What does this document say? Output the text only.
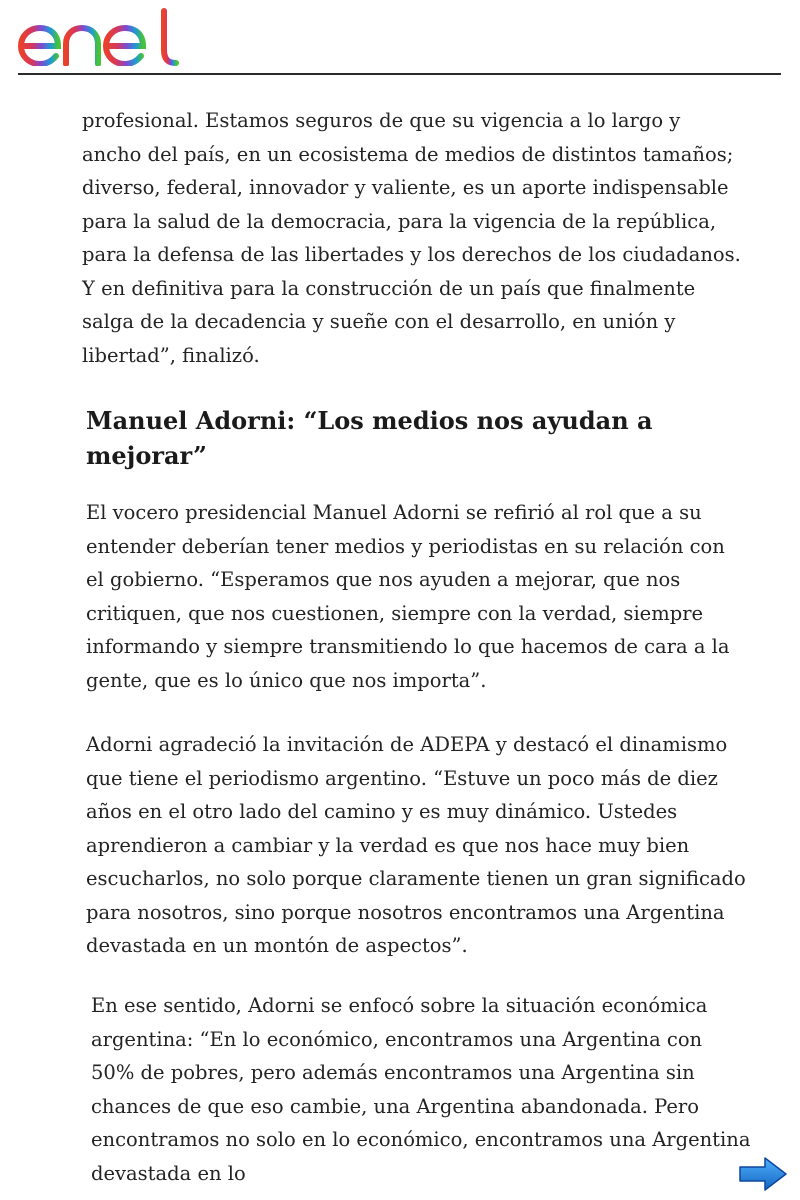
profesional. Estamos seguros de que su vigencia a lo largo y ancho del país, en un ecosistema de medios de distintos tamaños; diverso, federal, innovador y valiente, es un aporte indispensable para la salud de la democracia, para la vigencia de la república, para la defensa de las libertades y los derechos de los ciudadanos. Y en definitiva para la construcción de un país que finalmente salga de la decadencia y sueñe con el desarrollo, en unión y libertad”, finalizó.

Manuel Adorni: “Los medios nos ayudan a mejorar”

El vocero presidencial Manuel Adorni se refirió al rol que a su entender deberían tener medios y periodistas en su relación con el gobierno. “Esperamos que nos ayuden a mejorar, que nos critiquen, que nos cuestionen, siempre con la verdad, siempre informando y siempre transmitiendo lo que hacemos de cara a la gente, que es lo único que nos importa”.

Adorni agradeció la invitación de ADEPA y destacó el dinamismo que tiene el periodismo argentino. “Estuve un poco más de diez años en el otro lado del camino y es muy dinámico. Ustedes aprendieron a cambiar y la verdad es que nos hace muy bien escucharlos, no solo porque claramente tienen un gran significado para nosotros, sino porque nosotros encontramos una Argentina devastada en un montón de aspectos”.

En ese sentido, Adorni se enfocó sobre la situación económica argentina: “En lo económico, encontramos una Argentina con 50% de pobres, pero además encontramos una Argentina sin chances de que eso cambie, una Argentina abandonada. Pero encontramos no solo en lo económico, encontramos una Argentina devastada en lo
